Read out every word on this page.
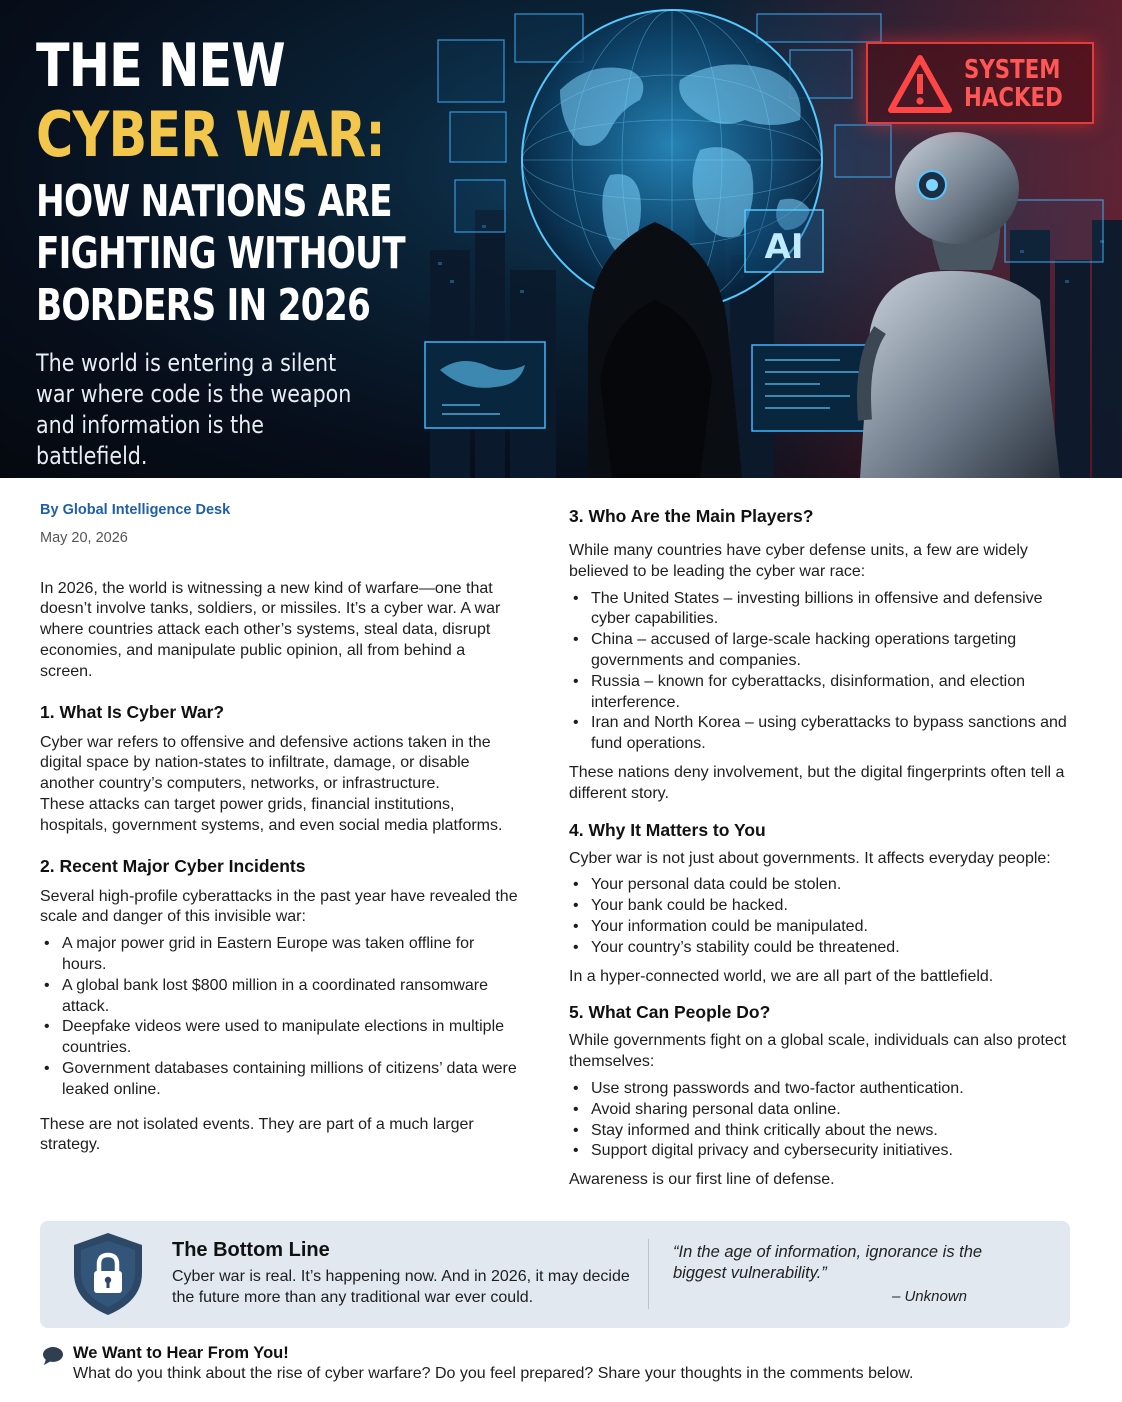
AI
THE NEW
CYBER WAR:
HOW NATIONS ARE
FIGHTING WITHOUT
BORDERS IN 2026

The world is entering a silent war where code is the weapon and information is the battlefield.

SYSTEM
HACKED
By Global Intelligence Desk
May 20, 2026

In 2026, the world is witnessing a new kind of warfare—one that doesn’t involve tanks, soldiers, or missiles. It’s a cyber war. A war where countries attack each other’s systems, steal data, disrupt economies, and manipulate public opinion, all from behind a screen.

1. What Is Cyber War?

Cyber war refers to offensive and defensive actions taken in the digital space by nation-states to infiltrate, damage, or disable another country’s computers, networks, or infrastructure.

These attacks can target power grids, financial institutions, hospitals, government systems, and even social media platforms.

2. Recent Major Cyber Incidents

Several high-profile cyberattacks in the past year have revealed the scale and danger of this invisible war:

• A major power grid in Eastern Europe was taken offline for hours.
• A global bank lost $800 million in a coordinated ransomware attack.
• Deepfake videos were used to manipulate elections in multiple countries.
• Government databases containing millions of citizens’ data were leaked online.

These are not isolated events. They are part of a much larger strategy.

3. Who Are the Main Players?

While many countries have cyber defense units, a few are widely believed to be leading the cyber war race:

• The United States – investing billions in offensive and defensive cyber capabilities.
• China – accused of large-scale hacking operations targeting governments and companies.
• Russia – known for cyberattacks, disinformation, and election interference.
• Iran and North Korea – using cyberattacks to bypass sanctions and fund operations.

These nations deny involvement, but the digital fingerprints often tell a different story.

4. Why It Matters to You

Cyber war is not just about governments. It affects everyday people:

• Your personal data could be stolen.
• Your bank could be hacked.
• Your information could be manipulated.
• Your country’s stability could be threatened.

In a hyper-connected world, we are all part of the battlefield.

5. What Can People Do?

While governments fight on a global scale, individuals can also protect themselves:

• Use strong passwords and two-factor authentication.
• Avoid sharing personal data online.
• Stay informed and think critically about the news.
• Support digital privacy and cybersecurity initiatives.

Awareness is our first line of defense.

The Bottom Line
Cyber war is real. It’s happening now. And in 2026, it may decide the future more than any traditional war ever could.
“In the age of information, ignorance is the biggest vulnerability.”
– Unknown
We Want to Hear From You!
What do you think about the rise of cyber warfare? Do you feel prepared? Share your thoughts in the comments below.
